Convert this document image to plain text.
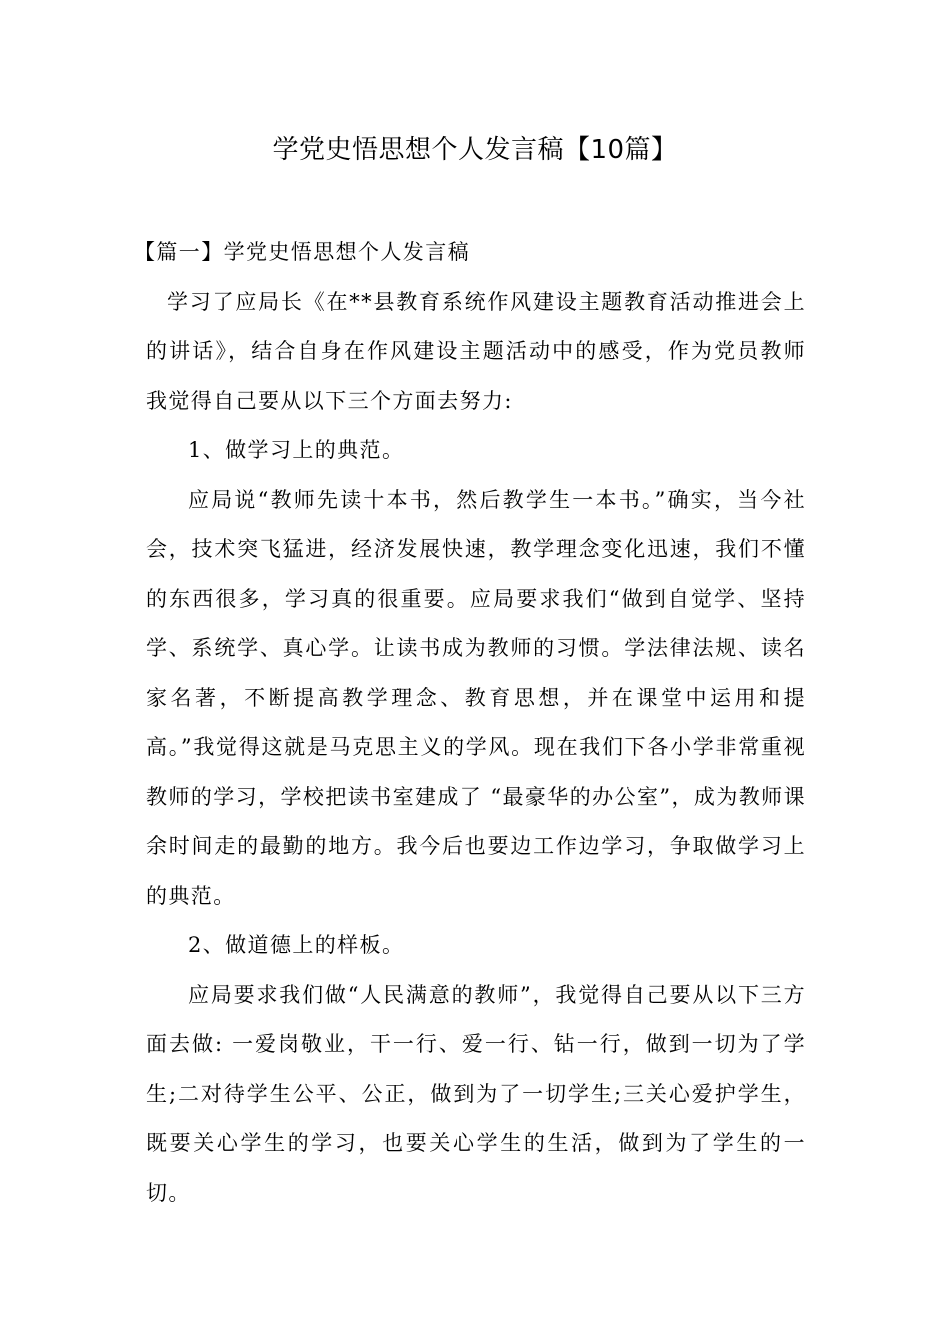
学党史悟思想个人发言稿【10篇】

【篇一】学党史悟思想个人发言稿

学习了应局长《在**县教育系统作风建设主题教育活动推进会上的讲话》，结合自身在作风建设主题活动中的感受，作为党员教师我觉得自己要从以下三个方面去努力:

1、做学习上的典范。

应局说“教师先读十本书，然后教学生一本书。”确实，当今社会，技术突飞猛进，经济发展快速，教学理念变化迅速，我们不懂的东西很多，学习真的很重要。应局要求我们“做到自觉学、坚持学、系统学、真心学。让读书成为教师的习惯。学法律法规、读名家名著，不断提高教学理念、教育思想，并在课堂中运用和提高。”我觉得这就是马克思主义的学风。现在我们下各小学非常重视教师的学习，学校把读书室建成了 “最豪华的办公室”，成为教师课余时间走的最勤的地方。我今后也要边工作边学习，争取做学习上的典范。

2、做道德上的样板。

应局要求我们做“人民满意的教师”，我觉得自己要从以下三方面去做: 一爱岗敬业，干一行、爱一行、钻一行，做到一切为了学生;二对待学生公平、公正，做到为了一切学生;三关心爱护学生，既要关心学生的学习，也要关心学生的生活，做到为了学生的一切。
